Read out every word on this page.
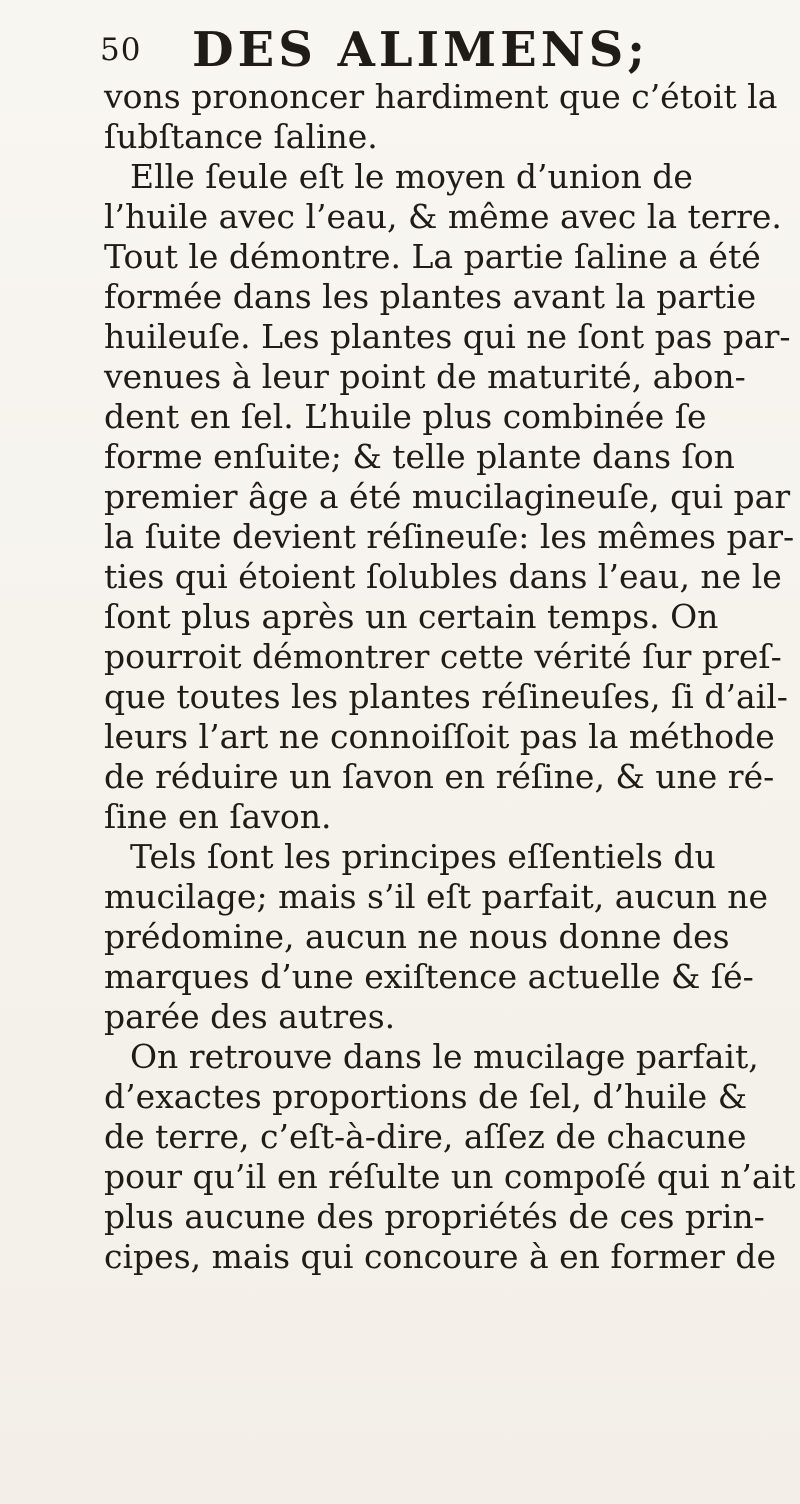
50 DES ALIMENS;
vons prononcer hardiment que c’étoit la
ſubſtance ſaline.
Elle ſeule eſt le moyen d’union de
l’huile avec l’eau, & même avec la terre.
Tout le démontre. La partie ſaline a été
formée dans les plantes avant la partie
huileuſe. Les plantes qui ne ſont pas par-
venues à leur point de maturité, abon-
dent en ſel. L’huile plus combinée ſe
forme enſuite; & telle plante dans ſon
premier âge a été mucilagineuſe, qui par
la ſuite devient réſineuſe: les mêmes par-
ties qui étoient ſolubles dans l’eau, ne le
ſont plus après un certain temps. On
pourroit démontrer cette vérité ſur preſ-
que toutes les plantes réſineuſes, ſi d’ail-
leurs l’art ne connoiſſoit pas la méthode
de réduire un ſavon en réſine, & une ré-
ſine en ſavon.
Tels ſont les principes eſſentiels du
mucilage; mais s’il eſt parfait, aucun ne
prédomine, aucun ne nous donne des
marques d’une exiſtence actuelle & ſé-
parée des autres.
On retrouve dans le mucilage parfait,
d’exactes proportions de ſel, d’huile &
de terre, c’eſt-à-dire, aſſez de chacune
pour qu’il en réſulte un compoſé qui n’ait
plus aucune des propriétés de ces prin-
cipes, mais qui concoure à en former de
